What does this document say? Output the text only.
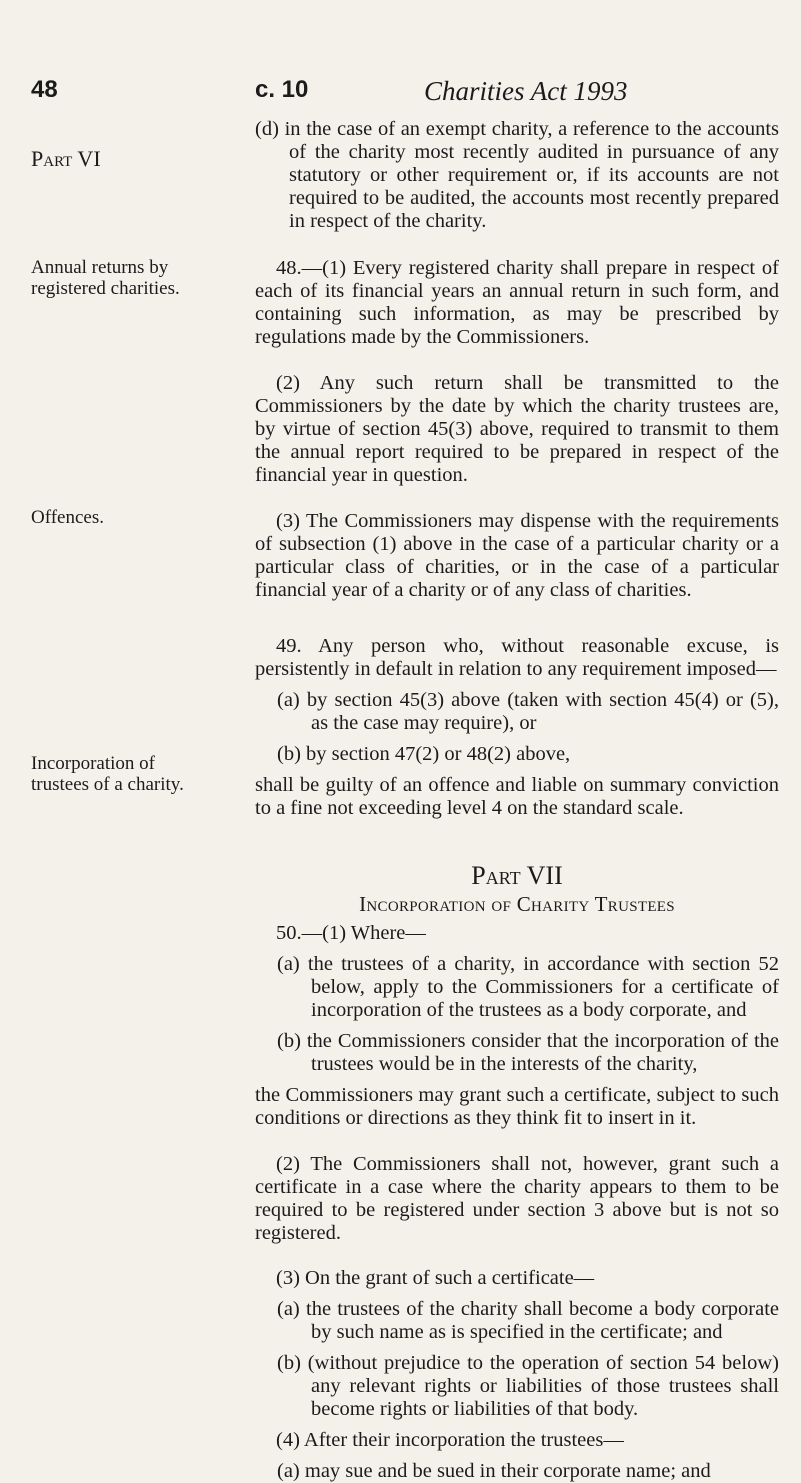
48	c. 10	Charities Act 1993
Part VI
Annual returns by registered charities.
Offences.
Incorporation of trustees of a charity.

(d) in the case of an exempt charity, a reference to the accounts of the charity most recently audited in pursuance of any statutory or other requirement or, if its accounts are not required to be audited, the accounts most recently prepared in respect of the charity.

48.—(1) Every registered charity shall prepare in respect of each of its financial years an annual return in such form, and containing such information, as may be prescribed by regulations made by the Commissioners.

(2) Any such return shall be transmitted to the Commissioners by the date by which the charity trustees are, by virtue of section 45(3) above, required to transmit to them the annual report required to be prepared in respect of the financial year in question.

(3) The Commissioners may dispense with the requirements of subsection (1) above in the case of a particular charity or a particular class of charities, or in the case of a particular financial year of a charity or of any class of charities.

49. Any person who, without reasonable excuse, is persistently in default in relation to any requirement imposed—

(a) by section 45(3) above (taken with section 45(4) or (5), as the case may require), or

(b) by section 47(2) or 48(2) above,

shall be guilty of an offence and liable on summary conviction to a fine not exceeding level 4 on the standard scale.

Part VII

Incorporation of Charity Trustees

50.—(1) Where—

(a) the trustees of a charity, in accordance with section 52 below, apply to the Commissioners for a certificate of incorporation of the trustees as a body corporate, and

(b) the Commissioners consider that the incorporation of the trustees would be in the interests of the charity,

the Commissioners may grant such a certificate, subject to such conditions or directions as they think fit to insert in it.

(2) The Commissioners shall not, however, grant such a certificate in a case where the charity appears to them to be required to be registered under section 3 above but is not so registered.

(3) On the grant of such a certificate—

(a) the trustees of the charity shall become a body corporate by such name as is specified in the certificate; and

(b) (without prejudice to the operation of section 54 below) any relevant rights or liabilities of those trustees shall become rights or liabilities of that body.

(4) After their incorporation the trustees—

(a) may sue and be sued in their corporate name; and
